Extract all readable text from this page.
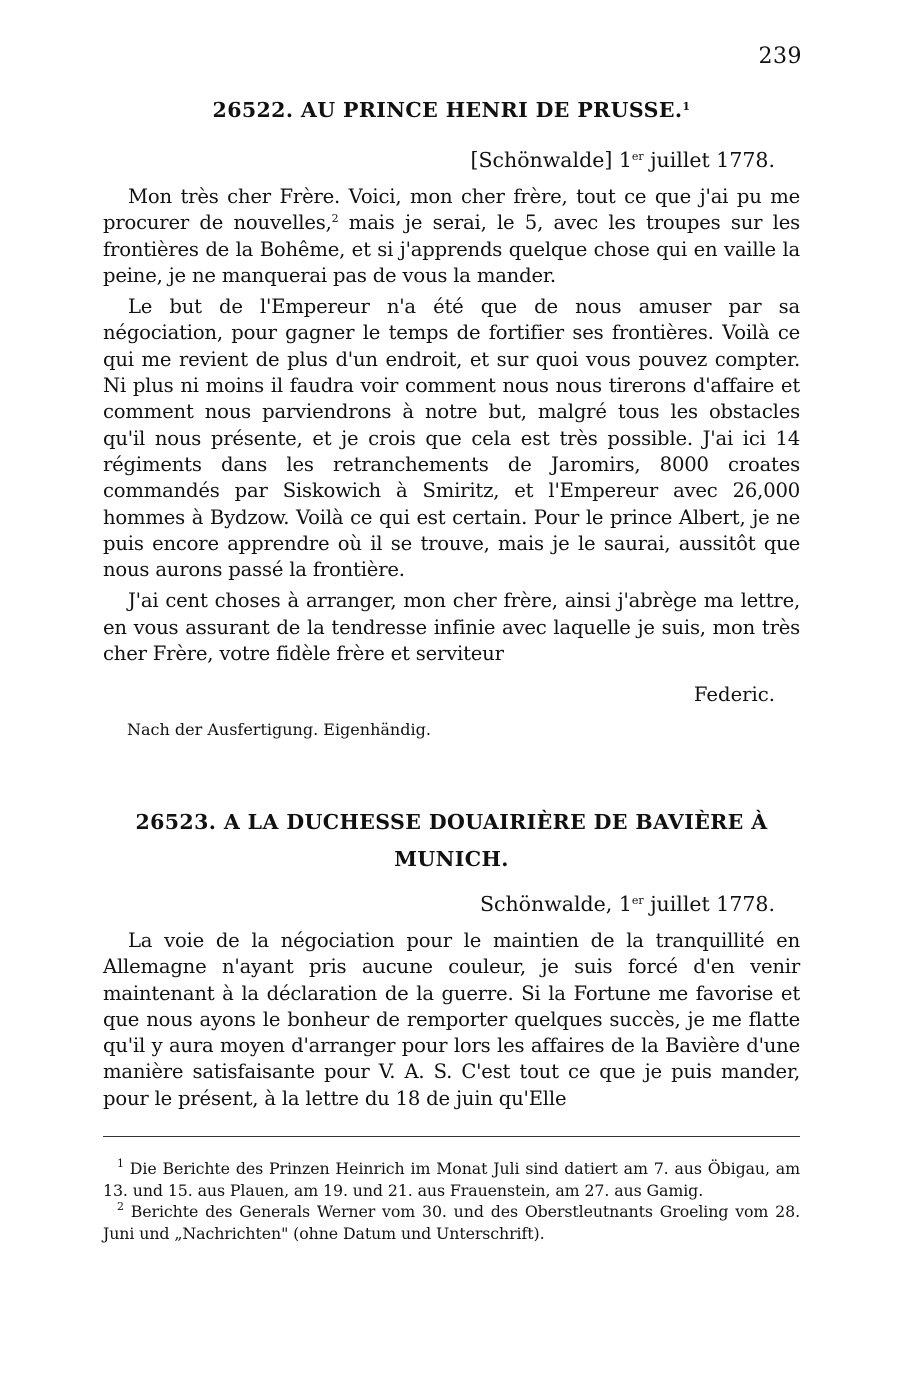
239
26522. AU PRINCE HENRI DE PRUSSE.$^1$
[Schönwalde] 1er juillet 1778.

Mon très cher Frère. Voici, mon cher frère, tout ce que j'ai pu me procurer de nouvelles,$^2$ mais je serai, le 5, avec les troupes sur les frontières de la Bohême, et si j'apprends quelque chose qui en vaille la peine, je ne manquerai pas de vous la mander.

Le but de l'Empereur n'a été que de nous amuser par sa négociation, pour gagner le temps de fortifier ses frontières. Voilà ce qui me revient de plus d'un endroit, et sur quoi vous pouvez compter. Ni plus ni moins il faudra voir comment nous nous tirerons d'affaire et comment nous parviendrons à notre but, malgré tous les obstacles qu'il nous présente, et je crois que cela est très possible. J'ai ici 14 régiments dans les retranchements de Jaromirs, 8000 croates commandés par Siskowich à Smiritz, et l'Empereur avec 26,000 hommes à Bydzow. Voilà ce qui est certain. Pour le prince Albert, je ne puis encore apprendre où il se trouve, mais je le saurai, aussitôt que nous aurons passé la frontière.

J'ai cent choses à arranger, mon cher frère, ainsi j'abrège ma lettre, en vous assurant de la tendresse infinie avec laquelle je suis, mon très cher Frère, votre fidèle frère et serviteur

Federic.
Nach der Ausfertigung. Eigenhändig.
26523. A LA DUCHESSE DOUAIRIÈRE DE BAVIÈRE À
MUNICH.
Schönwalde, 1er juillet 1778.

La voie de la négociation pour le maintien de la tranquillité en Allemagne n'ayant pris aucune couleur, je suis forcé d'en venir maintenant à la déclaration de la guerre. Si la Fortune me favorise et que nous ayons le bonheur de remporter quelques succès, je me flatte qu'il y aura moyen d'arranger pour lors les affaires de la Bavière d'une manière satisfaisante pour V. A. S. C'est tout ce que je puis mander, pour le présent, à la lettre du 18 de juin qu'Elle

$^1$ Die Berichte des Prinzen Heinrich im Monat Juli sind datiert am 7. aus Öbigau, am 13. und 15. aus Plauen, am 19. und 21. aus Frauenstein, am 27. aus Gamig.

$^2$ Berichte des Generals Werner vom 30. und des Oberstleutnants Groeling vom 28. Juni und „Nachrichten" (ohne Datum und Unterschrift).
